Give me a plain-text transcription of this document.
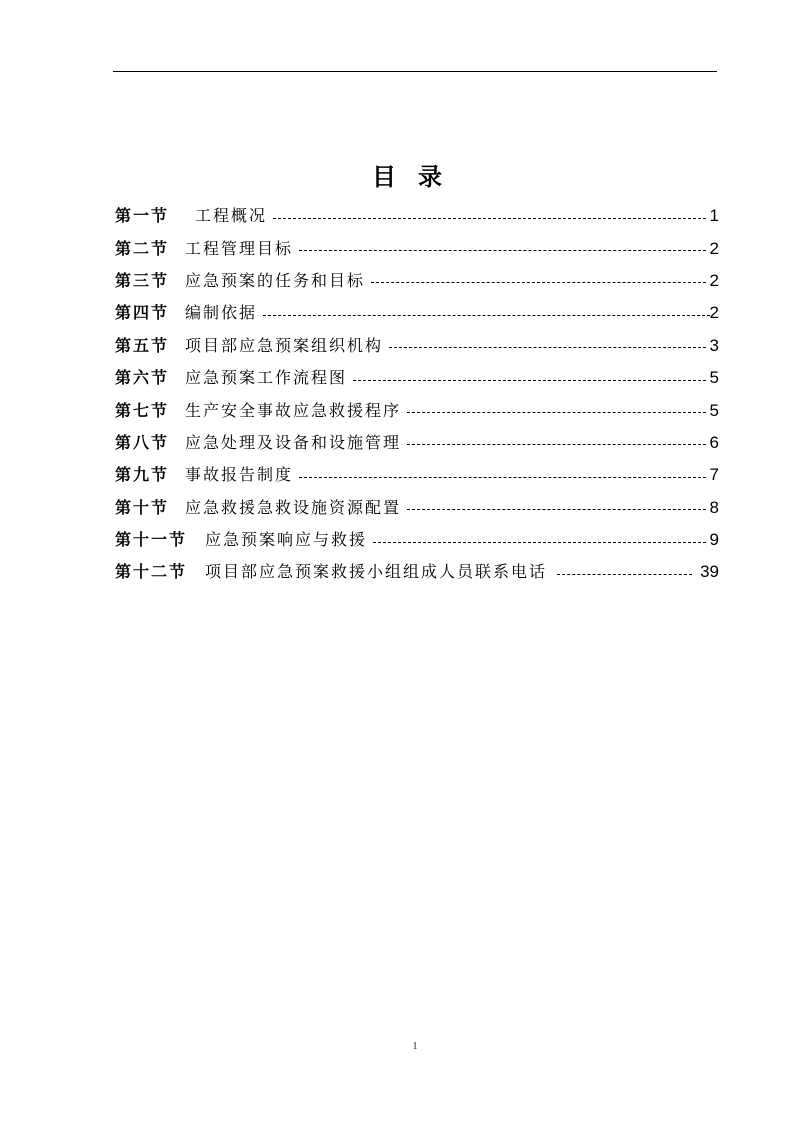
目录
第一节 工程概况	1
第二节 工程管理目标	2
第三节 应急预案的任务和目标	2
第四节 编制依据	2
第五节 项目部应急预案组织机构	3
第六节 应急预案工作流程图	5
第七节 生产安全事故应急救援程序	5
第八节 应急处理及设备和设施管理	6
第九节 事故报告制度	7
第十节 应急救援急救设施资源配置	8
第十一节 应急预案响应与救援	9
第十二节 项目部应急预案救援小组组成人员联系电话	39
1
